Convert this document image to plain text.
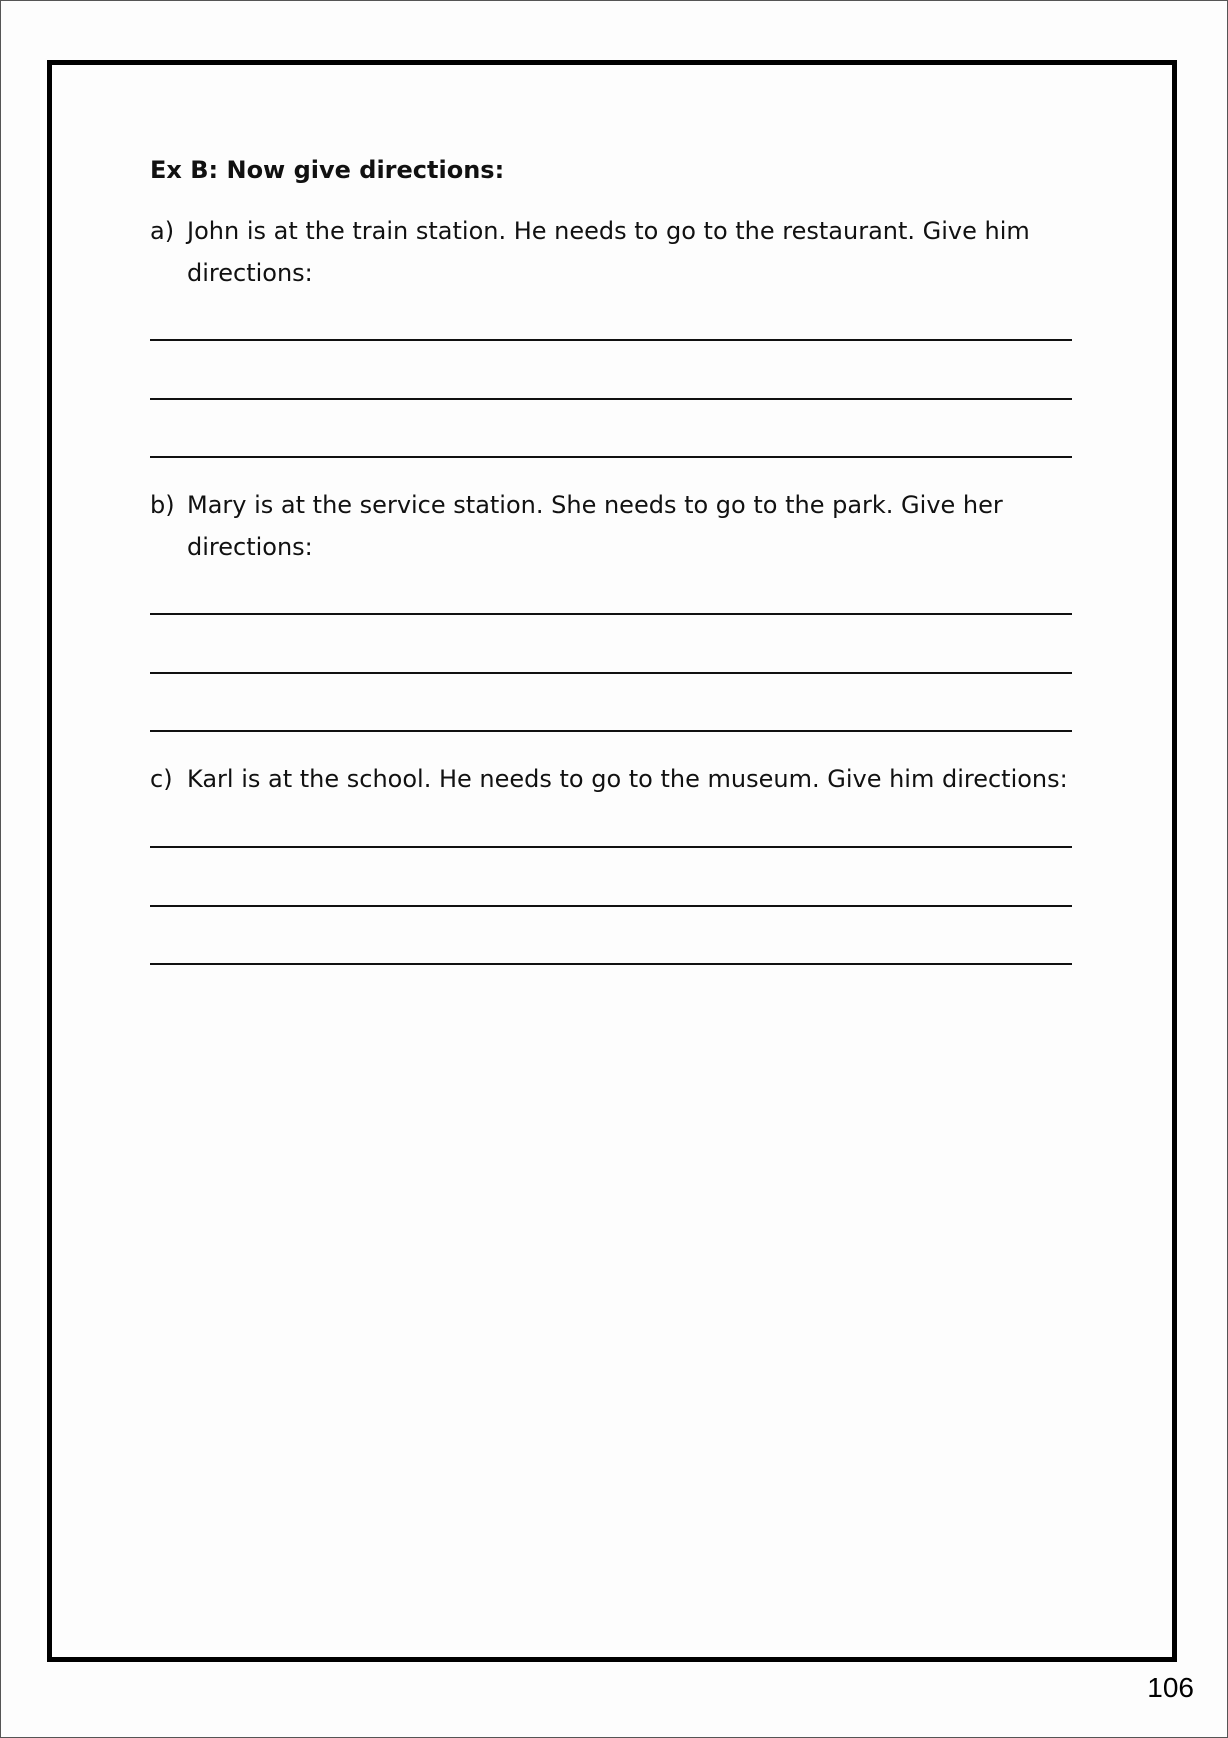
Ex B: Now give directions:
a) John is at the train station. He needs to go to the restaurant. Give him directions:
b) Mary is at the service station. She needs to go to the park. Give her directions:
c) Karl is at the school. He needs to go to the museum. Give him directions:
106
